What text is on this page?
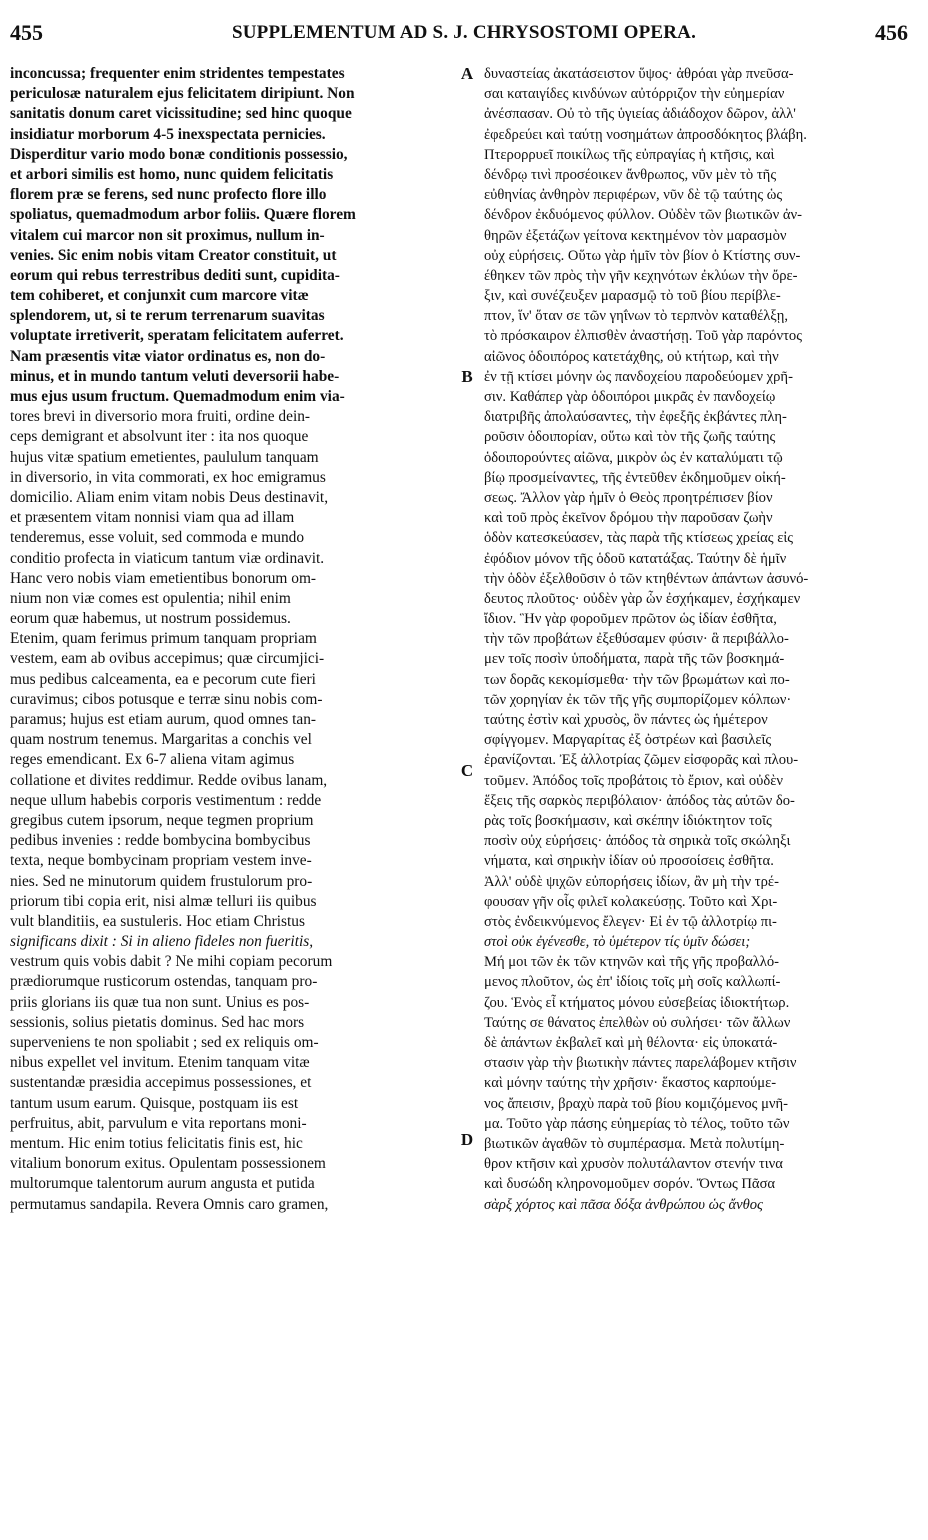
455	SUPPLEMENTUM AD S. J. CHRYSOSTOMI OPERA.	456
inconcussa; frequenter enim stridentes tempestates
periculosæ naturalem ejus felicitatem diripiunt. Non
sanitatis donum caret vicissitudine; sed hinc quoque
insidiatur morborum 4-5 inexspectata pernicies.
Disperditur vario modo bonæ conditionis possessio,
et arbori similis est homo, nunc quidem felicitatis
florem præ se ferens, sed nunc profecto flore illo
spoliatus, quemadmodum arbor foliis. Quære florem
vitalem cui marcor non sit proximus, nullum in-
venies. Sic enim nobis vitam Creator constituit, ut
eorum qui rebus terrestribus dediti sunt, cupidita-
tem cohiberet, et conjunxit cum marcore vitæ
splendorem, ut, si te rerum terrenarum suavitas
voluptate irretiverit, speratam felicitatem auferret.
Nam præsentis vitæ viator ordinatus es, non do-
minus, et in mundo tantum veluti deversorii habe-
mus ejus usum fructum. Quemadmodum enim via-
tores brevi in diversorio mora fruiti, ordine dein-
ceps demigrant et absolvunt iter : ita nos quoque
hujus vitæ spatium emetientes, paululum tanquam
in diversorio, in vita commorati, ex hoc emigramus
domicilio. Aliam enim vitam nobis Deus destinavit,
et præsentem vitam nonnisi viam qua ad illam
tenderemus, esse voluit, sed commoda e mundo
conditio profecta in viaticum tantum viæ ordinavit.
Hanc vero nobis viam emetientibus bonorum om-
nium non viæ comes est opulentia; nihil enim
eorum quæ habemus, ut nostrum possidemus.
Etenim, quam ferimus primum tanquam propriam
vestem, eam ab ovibus accepimus; quæ circumjici-
mus pedibus calceamenta, ea e pecorum cute fieri
curavimus; cibos potusque e terræ sinu nobis com-
paramus; hujus est etiam aurum, quod omnes tan-
quam nostrum tenemus. Margaritas a conchis vel
reges emendicant. Ex 6-7 aliena vitam agimus
collatione et divites reddimur. Redde ovibus lanam,
neque ullum habebis corporis vestimentum : redde
gregibus cutem ipsorum, neque tegmen proprium
pedibus invenies : redde bombycina bombycibus
texta, neque bombycinam propriam vestem inve-
nies. Sed ne minutorum quidem frustulorum pro-
priorum tibi copia erit, nisi almæ telluri iis quibus
vult blanditiis, ea sustuleris. Hoc etiam Christus
significans dixit : Si in alieno fideles non fueritis,
vestrum quis vobis dabit ? Ne mihi copiam pecorum
prædiorumque rusticorum ostendas, tanquam pro-
priis glorians iis quæ tua non sunt. Unius es pos-
sessionis, solius pietatis dominus. Sed hac mors
superveniens te non spoliabit ; sed ex reliquis om-
nibus expellet vel invitum. Etenim tanquam vitæ
sustentandæ præsidia accepimus possessiones, et
tantum usum earum. Quisque, postquam iis est
perfruitus, abit, parvulum e vita reportans moni-
mentum. Hic enim totius felicitatis finis est, hic
vitalium bonorum exitus. Opulentam possessionem
multorumque talentorum aurum angusta et putida
permutamus sandapila. Revera Omnis caro gramen,
A
B
C
D
δυναστείας ἀκατάσειστον ὕψος· ἀθρόαι γὰρ πνεῦσα-
σαι καταιγίδες κινδύνων αὐτόρριζον τὴν εὐημερίαν
ἀνέσπασαν. Οὐ τὸ τῆς ὑγιείας ἀδιάδοχον δῶρον, ἀλλ'
ἐφεδρεύει καὶ ταύτῃ νοσημάτων ἀπροσδόκητος βλάβη.
Πτερορρυεῖ ποικίλως τῆς εὐπραγίας ἡ κτῆσις, καὶ
δένδρῳ τινὶ προσέοικεν ἄνθρωπος, νῦν μὲν τὸ τῆς
εὐθηνίας ἀνθηρὸν περιφέρων, νῦν δὲ τῷ ταύτης ὡς
δένδρον ἐκδυόμενος φύλλον. Οὐδὲν τῶν βιωτικῶν ἀν-
θηρῶν ἐξετάζων γείτονα κεκτημένον τὸν μαρασμὸν
οὐχ εὑρήσεις. Οὕτω γὰρ ἡμῖν τὸν βίον ὁ Κτίστης συν-
έθηκεν τῶν πρὸς τὴν γῆν κεχηνότων ἐκλύων τὴν ὄρε-
ξιν, καὶ συνέζευξεν μαρασμῷ τὸ τοῦ βίου περίβλε-
πτον, ἵν' ὅταν σε τῶν γηΐνων τὸ τερπνὸν καταθέλξῃ,
τὸ πρόσκαιρον ἐλπισθὲν ἀναστήσῃ. Τοῦ γὰρ παρόντος
αἰῶνος ὁδοιπόρος κατετάχθης, οὐ κτήτωρ, καὶ τὴν
ἐν τῇ κτίσει μόνην ὡς πανδοχείου παροδεύομεν χρῆ-
σιν. Καθάπερ γὰρ ὁδοιπόροι μικρᾶς ἐν πανδοχείῳ
διατριβῆς ἀπολαύσαντες, τὴν ἐφεξῆς ἐκβάντες πλη-
ροῦσιν ὁδοιπορίαν, οὕτω καὶ τὸν τῆς ζωῆς ταύτης
ὁδοιπορούντες αἰῶνα, μικρὸν ὡς ἐν καταλύματι τῷ
βίῳ προσμείναντες, τῆς ἐντεῦθεν ἐκδημοῦμεν οἰκή-
σεως. Ἄλλον γὰρ ἡμῖν ὁ Θεὸς προητρέπισεν βίον
καὶ τοῦ πρὸς ἐκεῖνον δρόμου τὴν παροῦσαν ζωὴν
ὁδὸν κατεσκεύασεν, τὰς παρὰ τῆς κτίσεως χρείας εἰς
ἐφόδιον μόνον τῆς ὁδοῦ κατατάξας. Ταύτην δὲ ἡμῖν
τὴν ὁδὸν ἐξελθοῦσιν ὁ τῶν κτηθέντων ἁπάντων ἀσυνό-
δευτος πλοῦτος· οὐδὲν γὰρ ὧν ἐσχήκαμεν, ἐσχήκαμεν
ἴδιον. Ἣν γὰρ φοροῦμεν πρῶτον ὡς ἰδίαν ἐσθῆτα,
τὴν τῶν προβάτων ἐξεθύσαμεν φύσιν· ἃ περιβάλλο-
μεν τοῖς ποσὶν ὑποδήματα, παρὰ τῆς τῶν βοσκημά-
των δορᾶς κεκομίσμεθα· τὴν τῶν βρωμάτων καὶ πο-
τῶν χορηγίαν ἐκ τῶν τῆς γῆς συμπορίζομεν κόλπων·
ταύτης ἐστὶν καὶ χρυσὸς, ὃν πάντες ὡς ἡμέτερον
σφίγγομεν. Μαργαρίτας ἐξ ὀστρέων καὶ βασιλεῖς
ἐρανίζονται. Ἐξ ἀλλοτρίας ζῶμεν εἰσφορᾶς καὶ πλου-
τοῦμεν. Ἀπόδος τοῖς προβάτοις τὸ ἔριον, καὶ οὐδὲν
ἕξεις τῆς σαρκὸς περιβόλαιον· ἀπόδος τὰς αὐτῶν δο-
ρὰς τοῖς βοσκήμασιν, καὶ σκέπην ἰδιόκτητον τοῖς
ποσὶν οὐχ εὑρήσεις· ἀπόδος τὰ σηρικὰ τοῖς σκώληξι
νήματα, καὶ σηρικὴν ἰδίαν οὐ προσοίσεις ἐσθῆτα.
Ἀλλ' οὐδὲ ψιχῶν εὐπορήσεις ἰδίων, ἂν μὴ τὴν τρέ-
φουσαν γῆν οἷς φιλεῖ κολακεύσῃς. Τοῦτο καὶ Χρι-
στὸς ἐνδεικνύμενος ἔλεγεν· Εἰ ἐν τῷ ἀλλοτρίῳ πι-
στοὶ οὐκ ἐγένεσθε, τὸ ὑμέτερον τίς ὑμῖν δώσει;
Μή μοι τῶν ἐκ τῶν κτηνῶν καὶ τῆς γῆς προβαλλό-
μενος πλοῦτον, ὡς ἐπ' ἰδίοις τοῖς μὴ σοῖς καλλωπί-
ζου. Ἑνὸς εἶ κτήματος μόνου εὐσεβείας ἰδιοκτήτωρ.
Ταύτης σε θάνατος ἐπελθὼν οὐ συλήσει· τῶν ἄλλων
δὲ ἁπάντων ἐκβαλεῖ καὶ μὴ θέλοντα· εἰς ὑποκατά-
στασιν γὰρ τὴν βιωτικὴν πάντες παρελάβομεν κτῆσιν
καὶ μόνην ταύτης τὴν χρῆσιν· ἕκαστος καρπούμε-
νος ἄπεισιν, βραχὺ παρὰ τοῦ βίου κομιζόμενος μνῆ-
μα. Τοῦτο γὰρ πάσης εὐημερίας τὸ τέλος, τοῦτο τῶν
βιωτικῶν ἀγαθῶν τὸ συμπέρασμα. Μετὰ πολυτίμη-
θρον κτῆσιν καὶ χρυσὸν πολυτάλαντον στενήν τινα
καὶ δυσώδη κληρονομοῦμεν σορόν. Ὄντως Πᾶσα
σὰρξ χόρτος καὶ πᾶσα δόξα ἀνθρώπου ὡς ἄνθος
